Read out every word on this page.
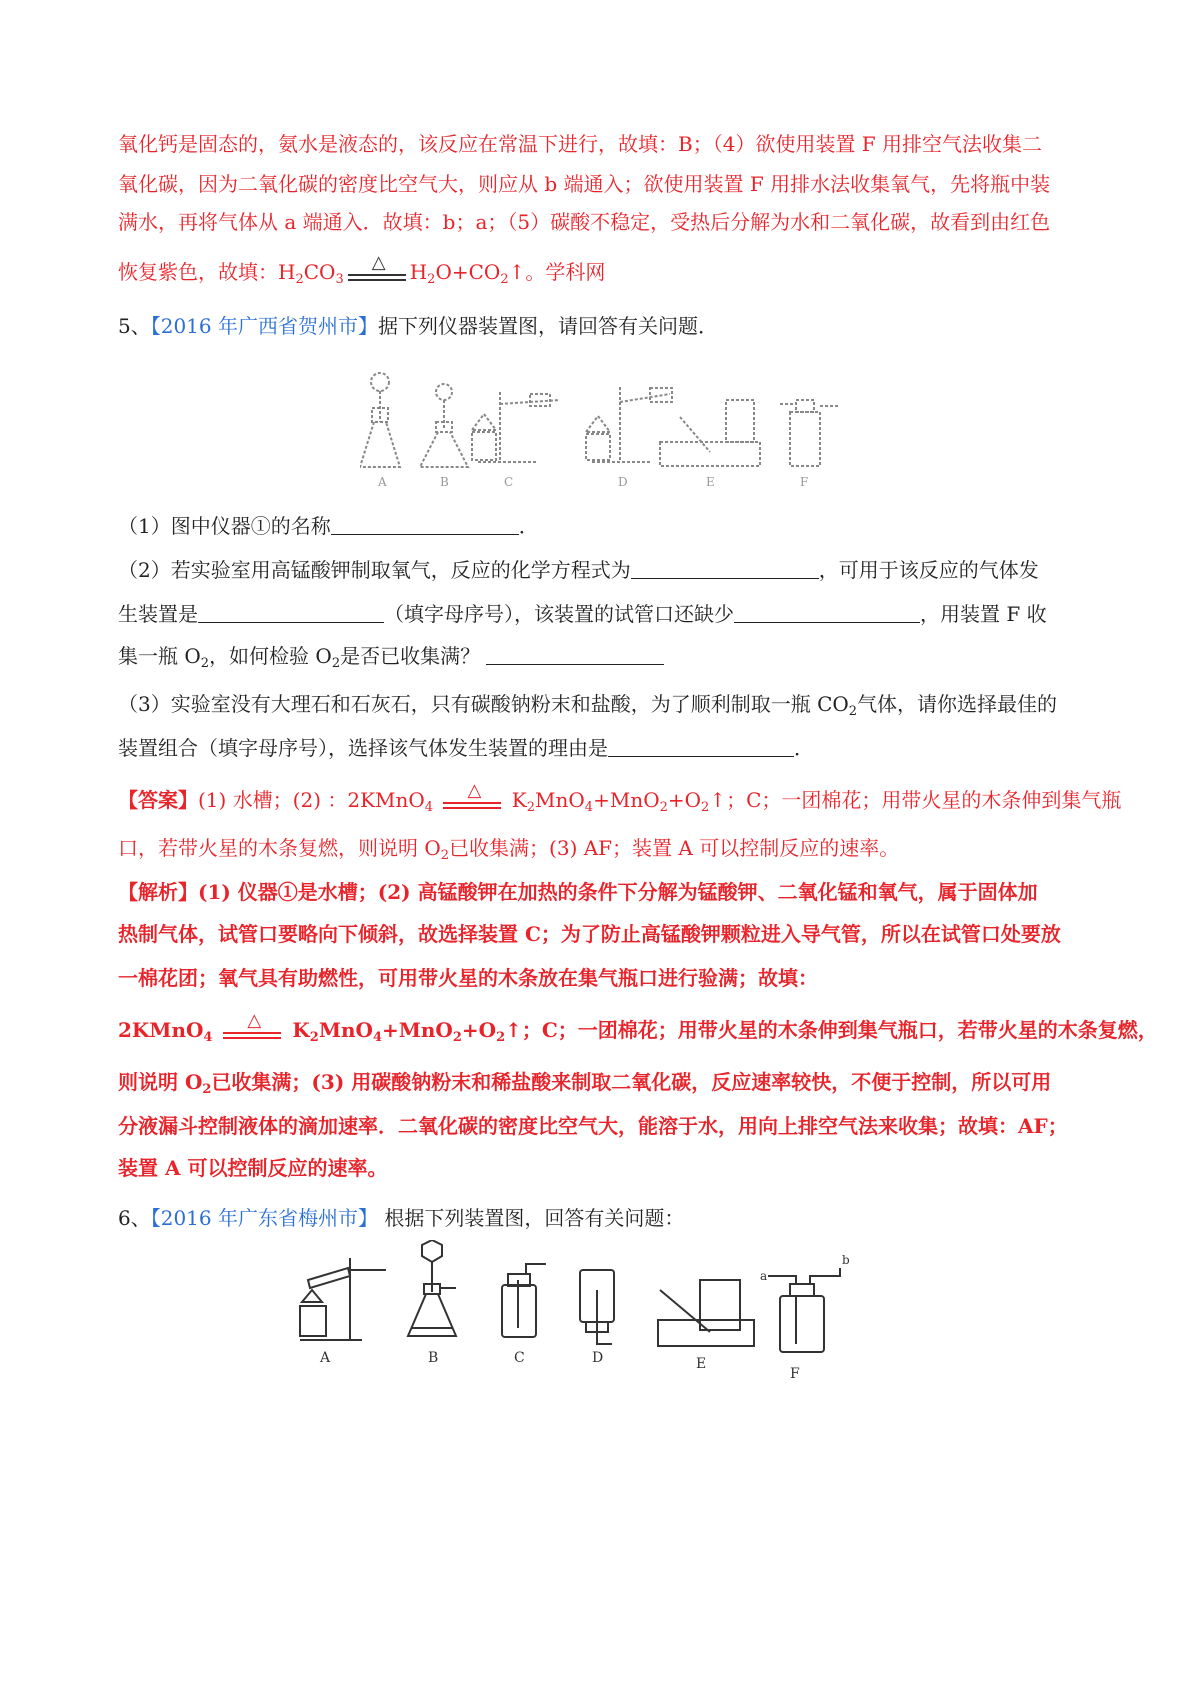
氧化钙是固态的，氨水是液态的，该反应在常温下进行，故填：B；（4）欲使用装置 F 用排空气法收集二
氧化碳，因为二氧化碳的密度比空气大，则应从 b 端通入；欲使用装置 F 用排水法收集氧气，先将瓶中装
满水，再将气体从 a 端通入．故填：b；a；（5）碳酸不稳定，受热后分解为水和二氧化碳，故看到由红色
恢复紫色，故填：$H_2CO_3$
△ $H_2O+CO_2↑$。学科网
5、【2016 年广西省贺州市】据下列仪器装置图，请回答有关问题．
A	B	C	D	E	F
（1）图中仪器①的名称	．
（2）若实验室用高锰酸钾制取氧气，反应的化学方程式为	，可用于该反应的气体发
生装置是	（填字母序号），该装置的试管口还缺少	，用装置 F 收
集一瓶 $O_2$，如何检验 $O_2$是否已收集满？
（3）实验室没有大理石和石灰石，只有碳酸钠粉末和盐酸，为了顺利制取一瓶 $CO_2$气体，请你选择最佳的
装置组合（填字母序号），选择该气体发生装置的理由是	．
【答案】(1) 水槽；(2) ：2KMnO$_4$
△ $K_2MnO_4+MnO_2+O_2↑$；C；一团棉花；用带火星的木条伸到集气瓶
口，若带火星的木条复燃，则说明 $O_2$已收集满；(3) AF；装置 A 可以控制反应的速率。
【解析】(1) 仪器①是水槽；(2) 高锰酸钾在加热的条件下分解为锰酸钾、二氧化锰和氧气，属于固体加
热制气体，试管口要略向下倾斜，故选择装置 C；为了防止高锰酸钾颗粒进入导气管，所以在试管口处要放
一棉花团；氧气具有助燃性，可用带火星的木条放在集气瓶口进行验满；故填：
2KMnO$_4$
△ $K_2MnO_4+MnO_2+O_2↑$；C；一团棉花；用带火星的木条伸到集气瓶口，若带火星的木条复燃，
则说明 $O_2$已收集满；(3) 用碳酸钠粉末和稀盐酸来制取二氧化碳，反应速率较快，不便于控制，所以可用
分液漏斗控制液体的滴加速率．二氧化碳的密度比空气大，能溶于水，用向上排空气法来收集；故填：AF；
装置 A 可以控制反应的速率。
6、【2016 年广东省梅州市】 根据下列装置图，回答有关问题：
A	B	C	D	E
F
a
b
